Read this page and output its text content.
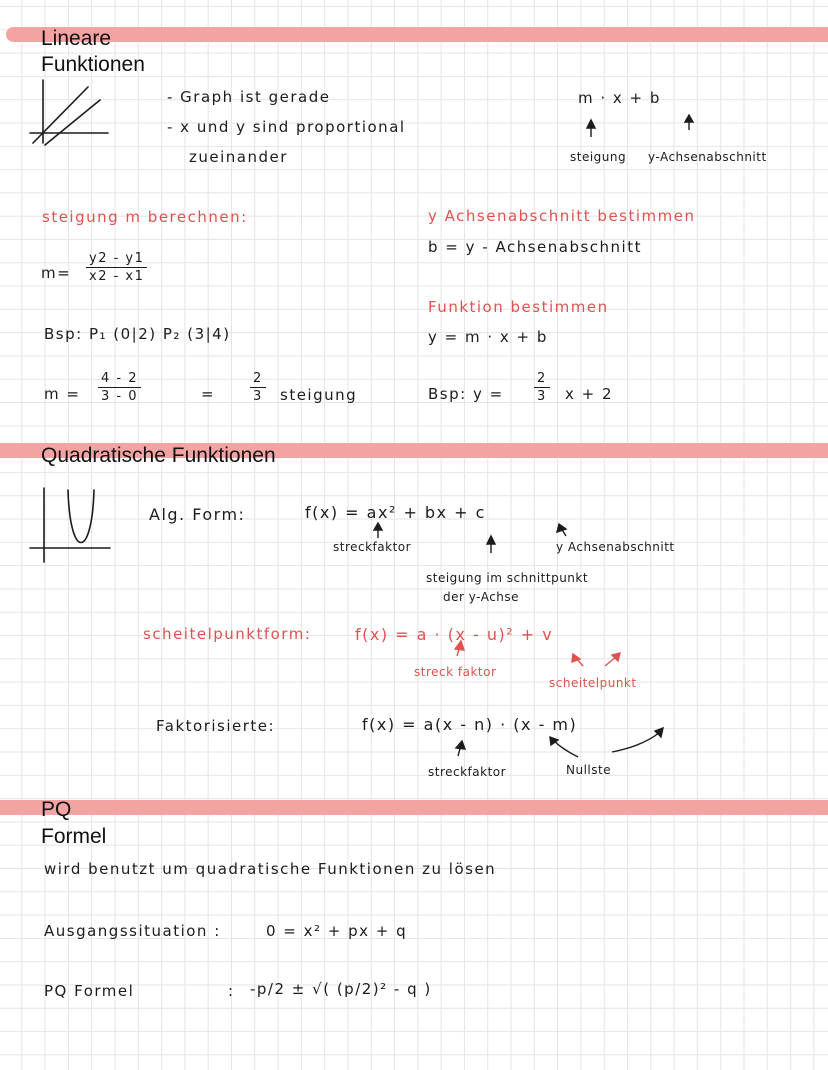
Lineare
Funktionen
- Graph ist gerade
- x und y sind proportional
zueinander
m · x + b
steigung y-Achsenabschnitt
steigung m berechnen:
$m= \frac{y2 - y1}{x2 - x1}$
Bsp: P₁ (0|2) P₂ (3|4)
$m = \frac{4 - 2}{3 - 0}$	=	$\frac{2}{3}$ steigung
y Achsenabschnitt bestimmen
b = y - Achsenabschnitt
Funktion bestimmen
y = m · x + b
Bsp: $y = \frac{2}{3}$ x + 2
Quadratische Funktionen
Alg. Form:	f(x) = ax² + bx + c
streckfaktor	y Achsenabschnitt
steigung im schnittpunkt
der y-Achse
scheitelpunktform:	f(x) = a · (x - u)² + v
streck faktor
scheitelpunkt
Faktorisierte:	f(x) = a(x - n) · (x - m)
streckfaktor	Nullste
PQ
Formel
wird benutzt um quadratische Funktionen zu lösen
Ausgangssituation :	0 = x² + px + q
PQ Formel	: -p/2 ± √( (p/2)² - q )
